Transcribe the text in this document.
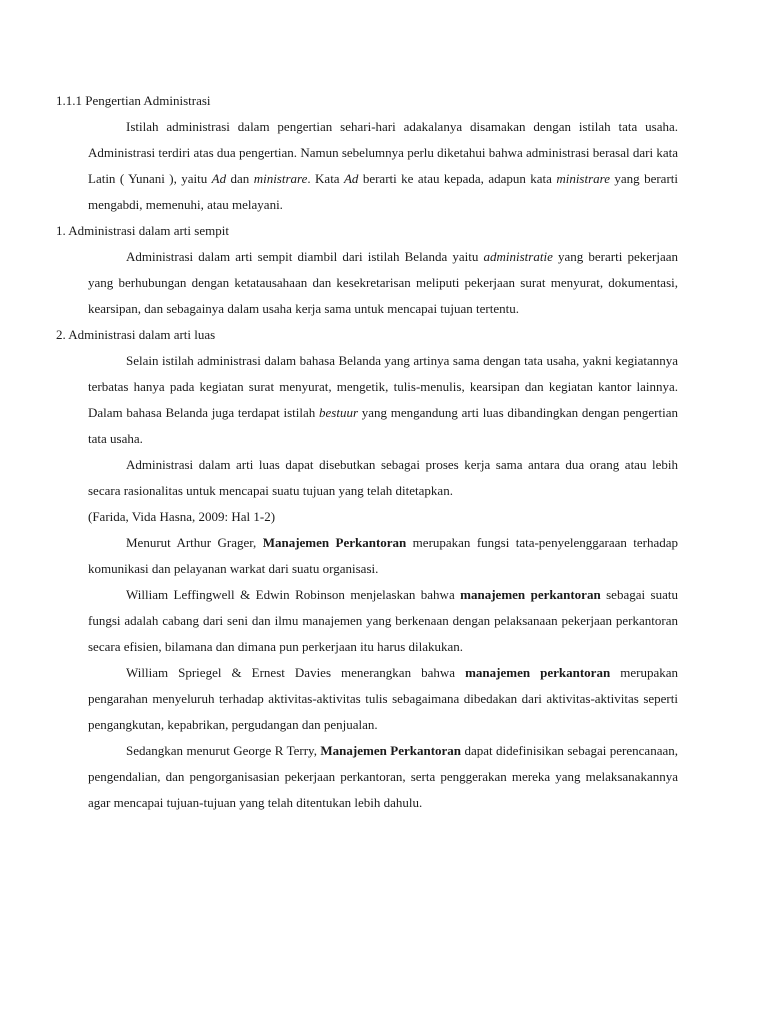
1.1.1 Pengertian Administrasi
Istilah administrasi dalam pengertian sehari-hari adakalanya disamakan dengan istilah tata usaha. Administrasi terdiri atas dua pengertian. Namun sebelumnya perlu diketahui bahwa administrasi berasal dari kata Latin ( Yunani ), yaitu Ad dan ministrare. Kata Ad berarti ke atau kepada, adapun kata ministrare yang berarti mengabdi, memenuhi, atau melayani.
1. Administrasi dalam arti sempit
Administrasi dalam arti sempit diambil dari istilah Belanda yaitu administratie yang berarti pekerjaan yang berhubungan dengan ketatausahaan dan kesekretarisan meliputi pekerjaan surat menyurat, dokumentasi, kearsipan, dan sebagainya dalam usaha kerja sama untuk mencapai tujuan tertentu.
2. Administrasi dalam arti luas
Selain istilah administrasi dalam bahasa Belanda yang artinya sama dengan tata usaha, yakni kegiatannya terbatas hanya pada kegiatan surat menyurat, mengetik, tulis-menulis, kearsipan dan kegiatan kantor lainnya. Dalam bahasa Belanda juga terdapat istilah bestuur yang mengandung arti luas dibandingkan dengan pengertian tata usaha.
Administrasi dalam arti luas dapat disebutkan sebagai proses kerja sama antara dua orang atau lebih secara rasionalitas untuk mencapai suatu tujuan yang telah ditetapkan.
(Farida, Vida Hasna, 2009: Hal 1-2)
Menurut Arthur Grager, Manajemen Perkantoran merupakan fungsi tata-penyelenggaraan terhadap komunikasi dan pelayanan warkat dari suatu organisasi.
William Leffingwell & Edwin Robinson menjelaskan bahwa manajemen perkantoran sebagai suatu fungsi adalah cabang dari seni dan ilmu manajemen yang berkenaan dengan pelaksanaan pekerjaan perkantoran secara efisien, bilamana dan dimana pun perkerjaan itu harus dilakukan.
William Spriegel & Ernest Davies menerangkan bahwa manajemen perkantoran merupakan pengarahan menyeluruh terhadap aktivitas-aktivitas tulis sebagaimana dibedakan dari aktivitas-aktivitas seperti pengangkutan, kepabrikan, pergudangan dan penjualan.
Sedangkan menurut George R Terry, Manajemen Perkantoran dapat didefinisikan sebagai perencanaan, pengendalian, dan pengorganisasian pekerjaan perkantoran, serta penggerakan mereka yang melaksanakannya agar mencapai tujuan-tujuan yang telah ditentukan lebih dahulu.
